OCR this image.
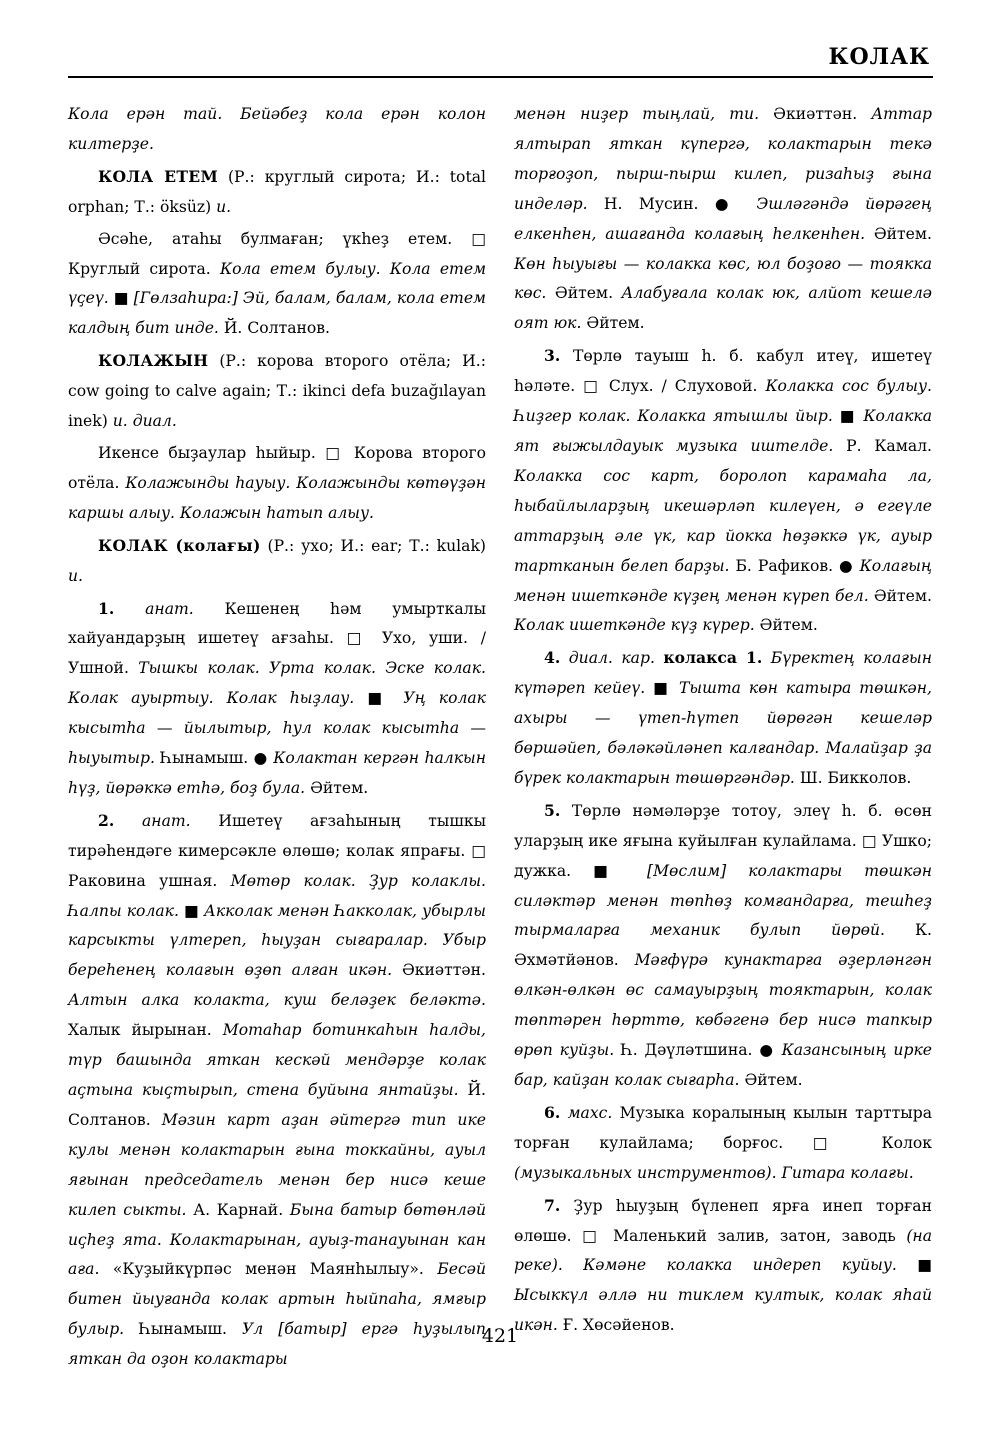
КОЛАК

Кола ерән тай. Бейәбеҙ кола ерән колон килтерҙе.

КОЛА ЕТЕМ (Р.: круглый сирота; И.: total orphan; Т.: öksüz) и.

Әсәһе, атаһы булмаған; үкһеҙ етем. □ Круглый сирота. Кола етем булыу. Кола етем үҫеү. ■ [Гөлзаһира:] Эй, балам, балам, кола етем калдың бит инде. Й. Солтанов.

КОЛАЖЫН (Р.: корова второго отёла; И.: cow going to calve again; Т.: ikinci defa buzağılayan inek) и. диал.

Икенсе быҙаулар һыйыр. □ Корова второго отёла. Колажынды һауыу. Колажынды көтөүҙән каршы алыу. Колажын һатып алыу.

КОЛАК (колағы) (Р.: ухо; И.: ear; Т.: kulak) и.

1. анат. Кешенең һәм умырткалы хайуандарҙың ишетеү ағзаһы. □ Ухо, уши. / Ушной. Тышкы колак. Урта колак. Эске колак. Колак ауыртыу. Колак һыҙлау. ■ Уң колак кысытһа — йылытыр, һул колак кысытһа — һыуытыр. Һынамыш. ● Колактан кергән һалкын һүҙ, йөрәккә етһә, боҙ була. Әйтем.

2. анат. Ишетеү ағзаһының тышкы тирәһендәге кимерсәкле өлөшө; колак япрағы. □ Раковина ушная. Мөтөр колак. Ҙур колаклы. Һалпы колак. ■ Акколак менән Һакколак, убырлы карсыкты үлтереп, һыуҙан сығаралар. Убыр береһенең колағын өҙөп алған икән. Әкиәттән. Алтын алка колакта, куш беләҙек беләктә. Халык йырынан. Мотаһар ботинкаһын һалды, түр башында яткан кескәй мендәрҙе колак аҫтына кыҫтырып, стена буйына янтайҙы. Й. Солтанов. Мәзин карт аҙан әйтергә тип ике кулы менән колактарын ғына токкайны, ауыл яғынан председатель менән бер нисә кеше килеп сыкты. А. Карнай. Бына батыр бөтөнләй иҫһеҙ ята. Колактарынан, ауыҙ-танауынан кан аға. «Куҙыйкүрпәс менән Маянһылыу». Бесәй битен йыуғанда колак артын һыйпаһа, ямғыр булыр. Һынамыш. Ул [батыр] ергә һуҙылып яткан да оҙон колактары

менән ниҙер тыңлай, ти. Әкиәттән. Аттар ялтырап яткан күпергә, колактарын текә торғоҙоп, пырш-пырш килеп, ризаһыҙ ғына инделәр. Н. Мусин. ● Эшләгәндә йөрәгең елкенһен, ашағанда колағың һелкенһен. Әйтем. Көн һыуығы — колакка көс, юл боҙоғо — тоякка көс. Әйтем. Алабуғала колак юк, алйот кешелә оят юк. Әйтем.

3. Төрлө тауыш һ. б. кабул итеү, ишетеү һәләте. □ Слух. / Слуховой. Колакка сос булыу. Һиҙгер колак. Колакка ятышлы йыр. ■ Колакка ят ғыжылдауык музыка иштелде. Р. Камал. Колакка сос карт, боролоп карамаһа ла, һыбайлыларҙың икешәрләп килеүен, ә егеүле аттарҙың әле үк, кар йокка һөҙәккә үк, ауыр тартканын белеп барҙы. Б. Рафиков. ● Колағың менән ишеткәнде күҙең менән күреп бел. Әйтем. Колак ишеткәнде күҙ күрер. Әйтем.

4. диал. кар. колакса 1. Бүректең колағын күтәреп кейеү. ■ Тышта көн катыра төшкән, ахыры — үтеп-һүтеп йөрөгән кешеләр бөршәйеп, бәләкәйләнеп калғандар. Малайҙар ҙа бүрек колактарын төшөргәндәр. Ш. Бикколов.

5. Төрлө нәмәләрҙе тотоу, элеү һ. б. өсөн уларҙың ике яғына куйылған кулайлама. □ Ушко; дужка. ■ [Мөслим] колактары төшкән силәктәр менән төпһөҙ комғандарға, тешһеҙ тырмаларға механик булып йөрөй. К. Әхмәтйәнов. Мәғфүрә кунактарға әҙерләнгән өлкән-өлкән өс самауырҙың тояктарын, колак төптәрен һөрттө, көбәгенә бер нисә тапкыр өрөп куйҙы. Һ. Дәүләтшина. ● Казансының ирке бар, кайҙан колак сығарһа. Әйтем.

6. махс. Музыка коралының кылын тарттыра торған кулайлама; борғос. □ Колок (музыкальных инструментов). Гитара колағы.

7. Ҙур һыуҙың бүленеп ярға инеп торған өлөшө. □ Маленький залив, затон, заводь (на реке). Кәмәне колакка индереп куйыу. ■ Ысыккүл әллә ни тиклем култык, колак яһай икән. Ғ. Хөсәйенов.

421
